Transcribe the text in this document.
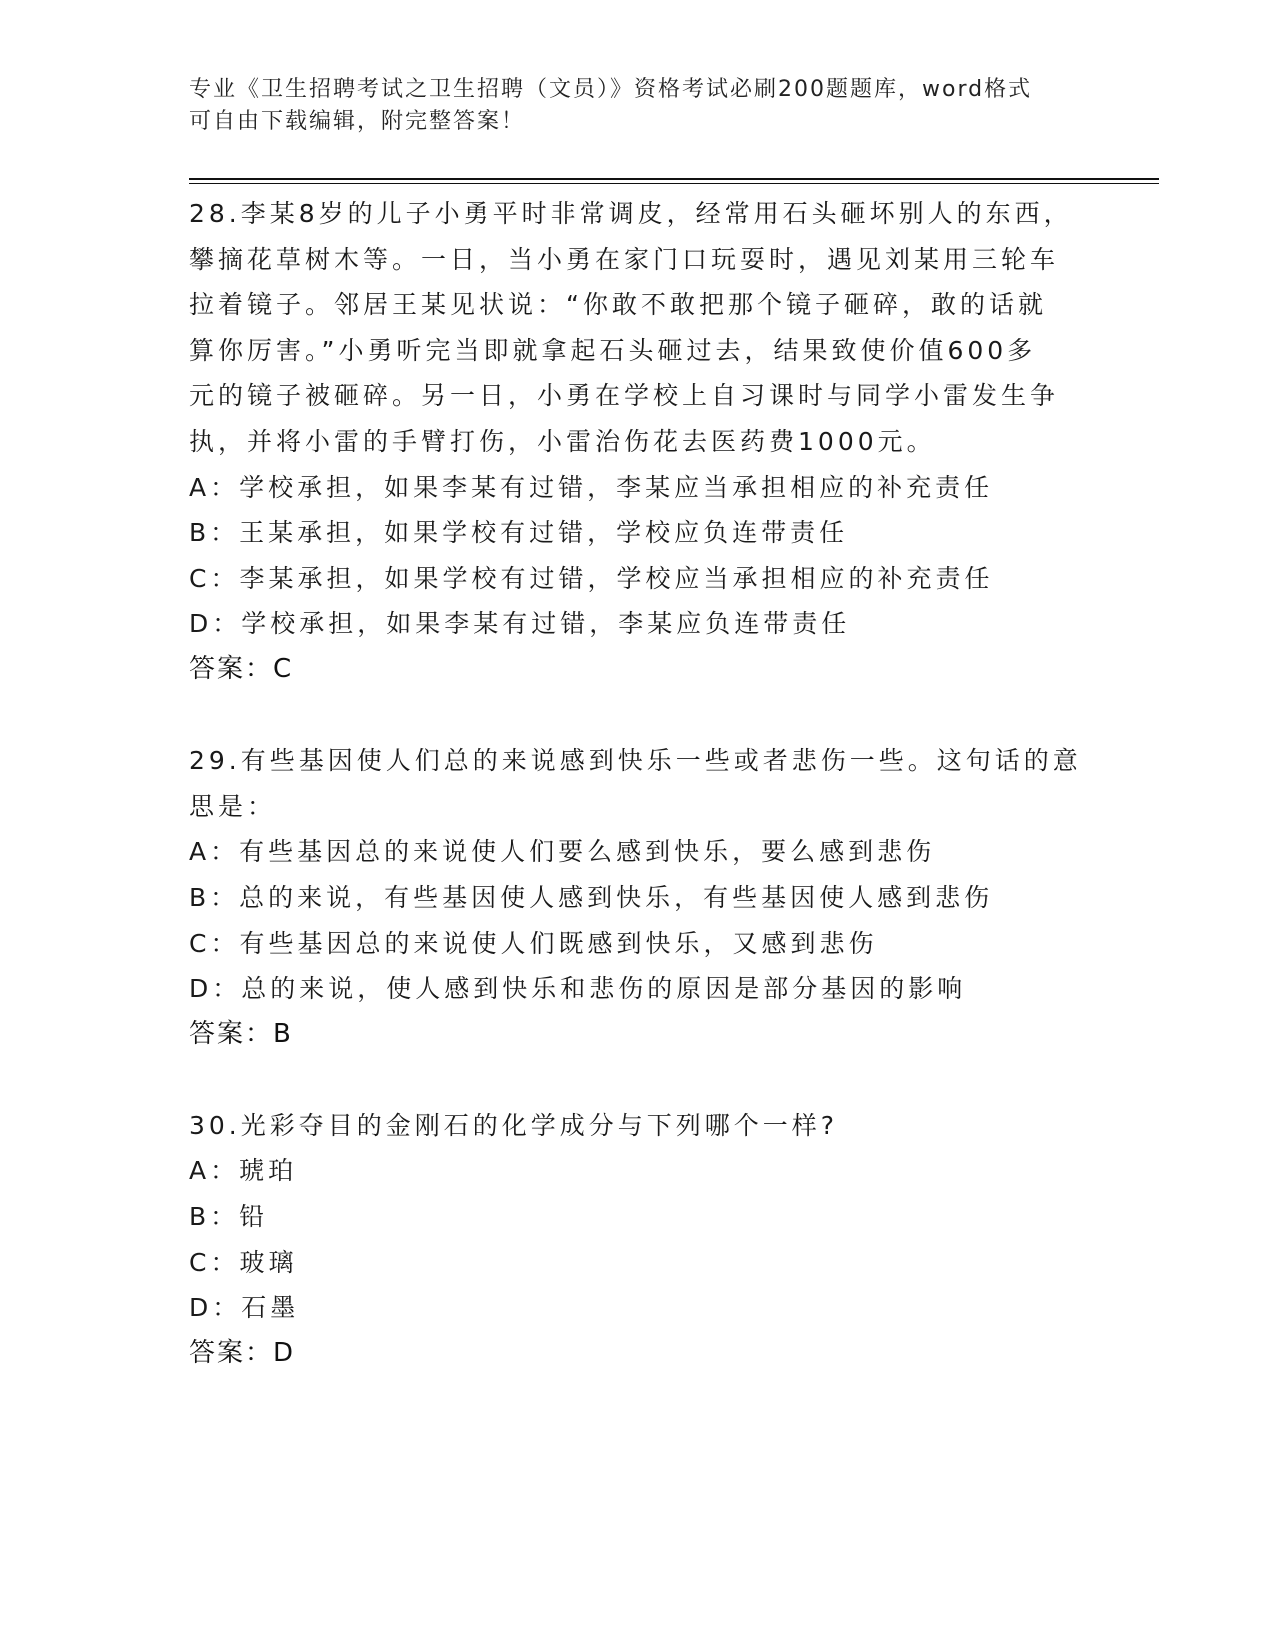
专业《卫生招聘考试之卫生招聘（文员）》资格考试必刷200题题库，word格式
可自由下载编辑，附完整答案！
28.李某8岁的儿子小勇平时非常调皮，经常用石头砸坏别人的东西，
攀摘花草树木等。一日，当小勇在家门口玩耍时，遇见刘某用三轮车
拉着镜子。邻居王某见状说：“你敢不敢把那个镜子砸碎，敢的话就
算你厉害。”小勇听完当即就拿起石头砸过去，结果致使价值600多
元的镜子被砸碎。另一日，小勇在学校上自习课时与同学小雷发生争
执，并将小雷的手臂打伤，小雷治伤花去医药费1000元。
A：学校承担，如果李某有过错，李某应当承担相应的补充责任
B：王某承担，如果学校有过错，学校应负连带责任
C：李某承担，如果学校有过错，学校应当承担相应的补充责任
D：学校承担，如果李某有过错，李某应负连带责任
答案：C
29.有些基因使人们总的来说感到快乐一些或者悲伤一些。这句话的意
思是：
A：有些基因总的来说使人们要么感到快乐，要么感到悲伤
B：总的来说，有些基因使人感到快乐，有些基因使人感到悲伤
C：有些基因总的来说使人们既感到快乐，又感到悲伤
D：总的来说，使人感到快乐和悲伤的原因是部分基因的影响
答案：B
30.光彩夺目的金刚石的化学成分与下列哪个一样?
A：琥珀
B：铅
C：玻璃
D：石墨
答案：D
